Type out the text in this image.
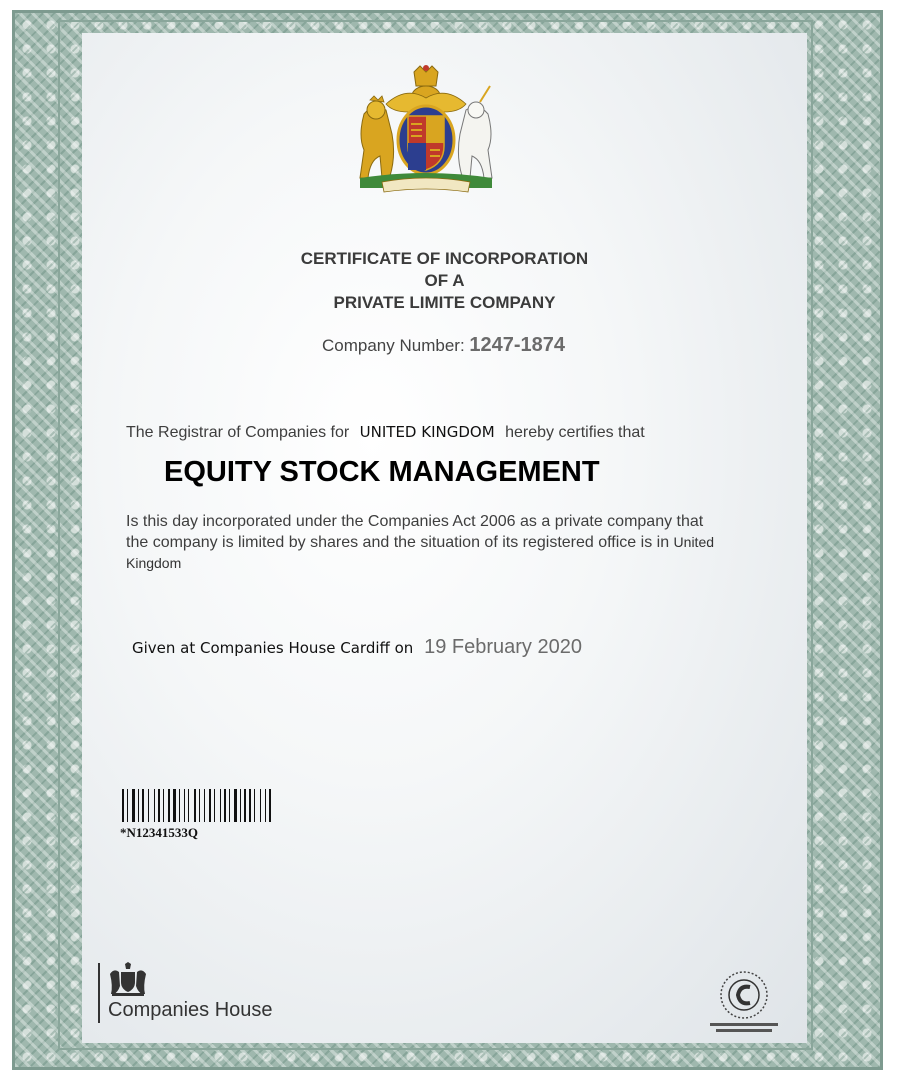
CERTIFICATE OF INCORPORATION
OF A
PRIVATE LIMITE COMPANY
Company Number: 1247-1874
The Registrar of Companies for UNITED KINGDOM hereby certifies that
EQUITY STOCK MANAGEMENT
Is this day incorporated under the Companies Act 2006 as a private company that the company is limited by shares and the situation of its registered office is in United Kingdom
Given at Companies House Cardiff on 19 February 2020
*N12341533Q
Companies House
